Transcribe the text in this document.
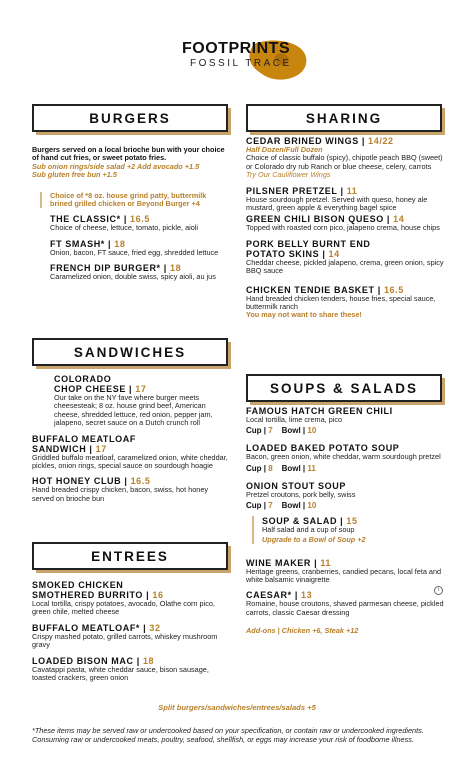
FOOTPRINTS
FOSSIL TRACE
BURGERS
Burgers served on a local brioche bun with your choice of hand cut fries, or sweet potato fries.
Sub onion rings/side salad +2 Add avocado +1.5
Sub gluten free bun +1.5
Choice of *8 oz. house grind patty, buttermilk brined grilled chicken or Beyond Burger +4
THE CLASSIC* | 16.5
Choice of cheese, lettuce, tomato, pickle, aioli
FT SMASH* | 18
Onion, bacon, FT sauce, fried egg, shredded lettuce
FRENCH DIP BURGER* | 18
Caramelized onion, double swiss, spicy aioli, au jus
SANDWICHES
COLORADO
CHOP CHEESE | 17
Our take on the NY fave where burger meets cheesesteak; 8 oz. house grind beef, American cheese, shredded lettuce, red onion, pepper jam, jalapeno, secret sauce on a Dutch crunch roll
BUFFALO MEATLOAF
SANDWICH | 17
Griddled buffalo meatloaf, caramelized onion, white cheddar, pickles, onion rings, special sauce on sourdough hoagie
HOT HONEY CLUB | 16.5
Hand breaded crispy chicken, bacon, swiss, hot honey served on brioche bun
ENTREES
SMOKED CHICKEN
SMOTHERED BURRITO | 16
Local tortilla, crispy potatoes, avocado, Olathe corn pico, green chile, melted cheese
BUFFALO MEATLOAF* | 32
Crispy mashed potato, grilled carrots, whiskey mushroom gravy
LOADED BISON MAC | 18
Cavatappi pasta, white cheddar sauce, bison sausage, toasted crackers, green onion
SHARING
CEDAR BRINED WINGS | 14/22
Half Dozen/Full Dozen
Choice of classic buffalo (spicy), chipotle peach BBQ (sweet) or Colorado dry rub Ranch or blue cheese, celery, carrots
Try Our Cauliflower Wings
PILSNER PRETZEL | 11
House sourdough pretzel. Served with queso, honey ale mustard, green apple & everything bagel spice
GREEN CHILI BISON QUESO | 14
Topped with roasted corn pico, jalapeno crema, house chips
PORK BELLY BURNT END
POTATO SKINS | 14
Cheddar cheese, pickled jalapeno, crema, green onion, spicy BBQ sauce
CHICKEN TENDIE BASKET | 16.5
Hand breaded chicken tenders, house fries, special sauce, buttermilk ranch
You may not want to share these!
SOUPS & SALADS
FAMOUS HATCH GREEN CHILI
Local tortilla, lime crema, pico
Cup | 7 Bowl | 10
LOADED BAKED POTATO SOUP
Bacon, green onion, white cheddar, warm sourdough pretzel
Cup | 8 Bowl | 11
ONION STOUT SOUP
Pretzel croutons, pork belly, swiss
Cup | 7 Bowl | 10
SOUP & SALAD | 15
Half salad and a cup of soup
Upgrade to a Bowl of Soup +2
WINE MAKER | 11
Heritage greens, cranberries, candied pecans, local feta and white balsamic vinaigrette
CAESAR* | 13
Romaine, house croutons, shaved parmesan cheese, pickled carrots, classic Caesar dressing
Add-ons | Chicken +6, Steak +12
i
Split burgers/sandwiches/entrees/salads +5
*These items may be served raw or undercooked based on your specification, or contain raw or undercooked ingredients. Consuming raw or undercooked meats, poultry, seafood, shellfish, or eggs may increase your risk of foodborne illness.
